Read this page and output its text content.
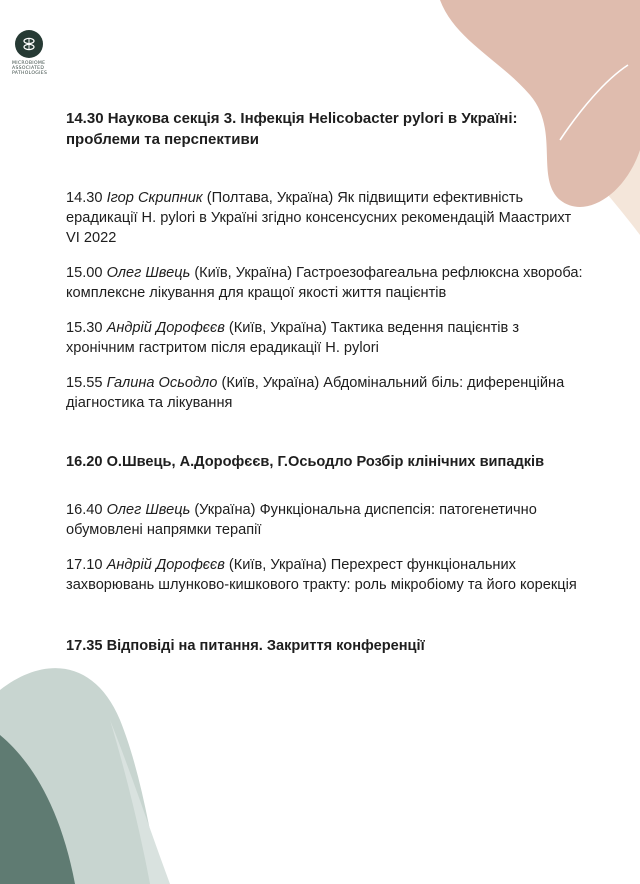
MICROBIOME
ASSOCIATED
PATHOLOGIES

14.30 Наукова секція 3. Інфекція Helicobacter pylori в Україні: проблеми та перспективи

14.30 Ігор Скрипник (Полтава, Україна) Як підвищити ефективність ерадикації H. pylori в Україні згідно консенсусних рекомендацій Маастрихт VI 2022

15.00 Олег Швець (Київ, Україна) Гастроезофагеальна рефлюксна хвороба: комплексне лікування для кращої якості життя пацієнтів

15.30 Андрій Дорофєєв (Київ, Україна) Тактика ведення пацієнтів з хронічним гастритом після ерадикації H. pylori

15.55 Галина Осьодло (Київ, Україна) Абдомінальний біль: диференційна діагностика та лікування

16.20 О.Швець, А.Дорофєєв, Г.Осьодло Розбір клінічних випадків

16.40 Олег Швець (Україна) Функціональна диспепсія: патогенетично обумовлені напрямки терапії

17.10 Андрій Дорофєєв (Київ, Україна) Перехрест функціональних захворювань шлунково-кишкового тракту: роль мікробіому та його корекція

17.35 Відповіді на питання. Закриття конференції
